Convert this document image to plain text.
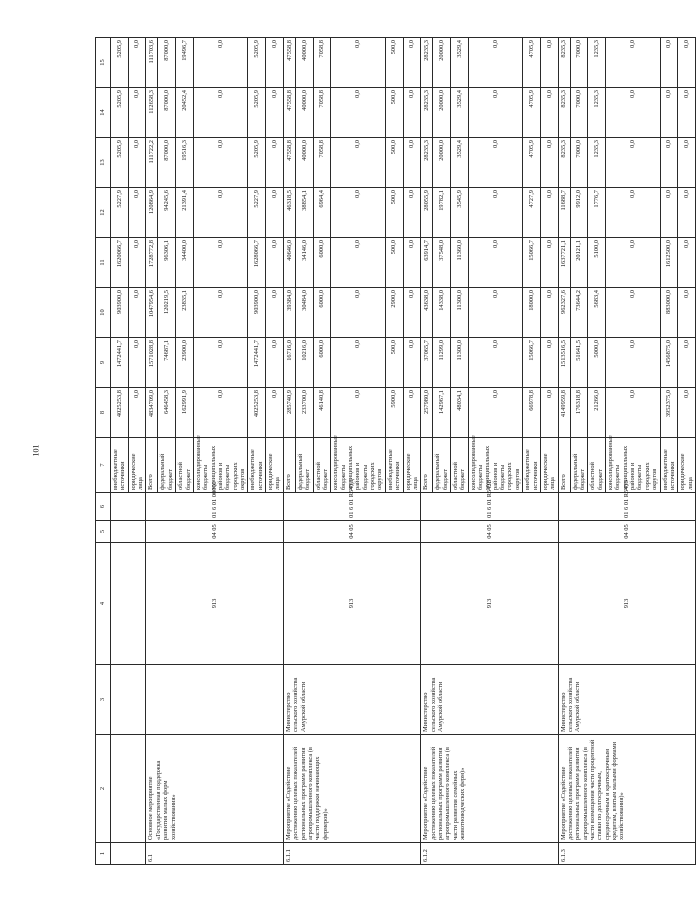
101
1	2	3	4	5	6	7	8	9	10	11	12	13	14	15
						внебюджетные источники	4025253,8	1472441,7	903900,0	1620066,7	5227,9	5205,9	5205,9	5205,9
						юридические лица	0,0	0,0	0,0	0,0	0,0	0,0	0,0	0,0
6.1	Основное мероприятие «Государственная поддержка развития малых форм хозяйствования»		913	04 05	01 6 01 00000	Всего	4834709,0	1571028,8	1047954,6	1728772,8	120864,9	111722,2	112658,3	111703,6
						федеральный бюджет	646458,3	74687,1	120219,5	96306,1	94245,6	87000,0	87000,0	87000,0
						областной бюджет	162991,9	23900,0	23835,1	34400,0	21391,4	19516,3	20452,4	19496,7
						консолидированные бюджеты муниципальных районов и бюджеты городских округов	0,0	0,0	0,0	0,0	0,0	0,0	0,0	0,0
						внебюджетные источники	4025253,8	1472441,7	903900,0	1628066,7	5227,9	5205,9	5205,9	5205,9
						юридические лица	0,0	0,0	0,0	0,0	0,0	0,0	0,0	0,0
6.1.1	Мероприятие «Содействие достижению целевых показателей региональных программ развития агропромышленного комплекса (в части поддержки начинающих фермеров)»	Министерство сельского хозяйства Амурской области	913	04 05	01 6 01 R543Д	Всего	285740,9	16716,0	39384,0	40646,0	46318,5	47558,8	47558,8	47558,8
						федеральный бюджет	233700,0	10216,0	30484,0	34146,0	38854,1	40000,0	40000,0	40000,0
						областной бюджет	46140,8	6000,0	6000,0	6000,0	6964,4	7058,8	7058,8	7058,8
						консолидированные бюджеты муниципальных районов и бюджеты городских округов	0,0	0,0	0,0	0,0	0,0	0,0	0,0	0,0
						внебюджетные источники	5900,0	500,0	2900,0	500,0	500,0	500,0	500,0	500,0
						юридические лица	0,0	0,0	0,0	0,0	0,0	0,0	0,0	0,0
6.1.2	Мероприятие «Содействие достижению целевых показателей региональных программ развития агропромышленного комплекса (в части развития семейных животноводческих ферм)»	Министерство сельского хозяйства Амурской области	913	04 05	01 6 01 R543Б	Всего	257980,0	37065,7	43638,0	63914,7	28055,9	28235,3	28235,3	28235,3
						федеральный бюджет	142967,1	11299,0	14338,0	37548,0	19782,1	20000,0	20000,0	20000,0
						областной бюджет	48034,1	11300,0	11300,0	11360,0	3545,9	3529,4	3529,4	3529,4
						консолидированные бюджеты муниципальных районов и бюджеты городских округов	0,0	0,0	0,0	0,0	0,0	0,0	0,0	0,0
						внебюджетные источники	66978,8	15066,7	18000,0	15066,7	4727,9	4705,9	4705,9	4705,9
						юридические лица	0,0	0,0	0,0	0,0	0,0	0,0	0,0	0,0
6.1.3	Мероприятие «Содействие достижению целевых показателей региональных программ развития агропромышленного комплекса (в части возмещения части процентной ставки по долгосрочным, среднесрочным и краткосрочным кредитам, взятым малыми формами хозяйствования)»	Министерство сельского хозяйства Амурской области	913	04 05	01 6 01 R5435	Всего	4149959,8	1513516,5	962327,6	1637721,1	11688,7	8235,3	8235,3	8235,3
						федеральный бюджет	176318,8	51641,5	73644,2	20121,1	9912,0	7000,0	7000,0	7000,0
						областной бюджет	21266,0	5000,0	5683,4	5100,0	1776,7	1235,3	1235,3	1235,3
						консолидированные бюджеты муниципальных районов и бюджеты городских округов	0,0	0,0	0,0	0,0	0,0	0,0	0,0	0,0
						внебюджетные источники	3952375,0	1456875,0	883000,0	1612500,0	0,0	0,0	0,0	0,0
						юридические лица	0,0	0,0	0,0	0,0	0,0	0,0	0,0	0,0
